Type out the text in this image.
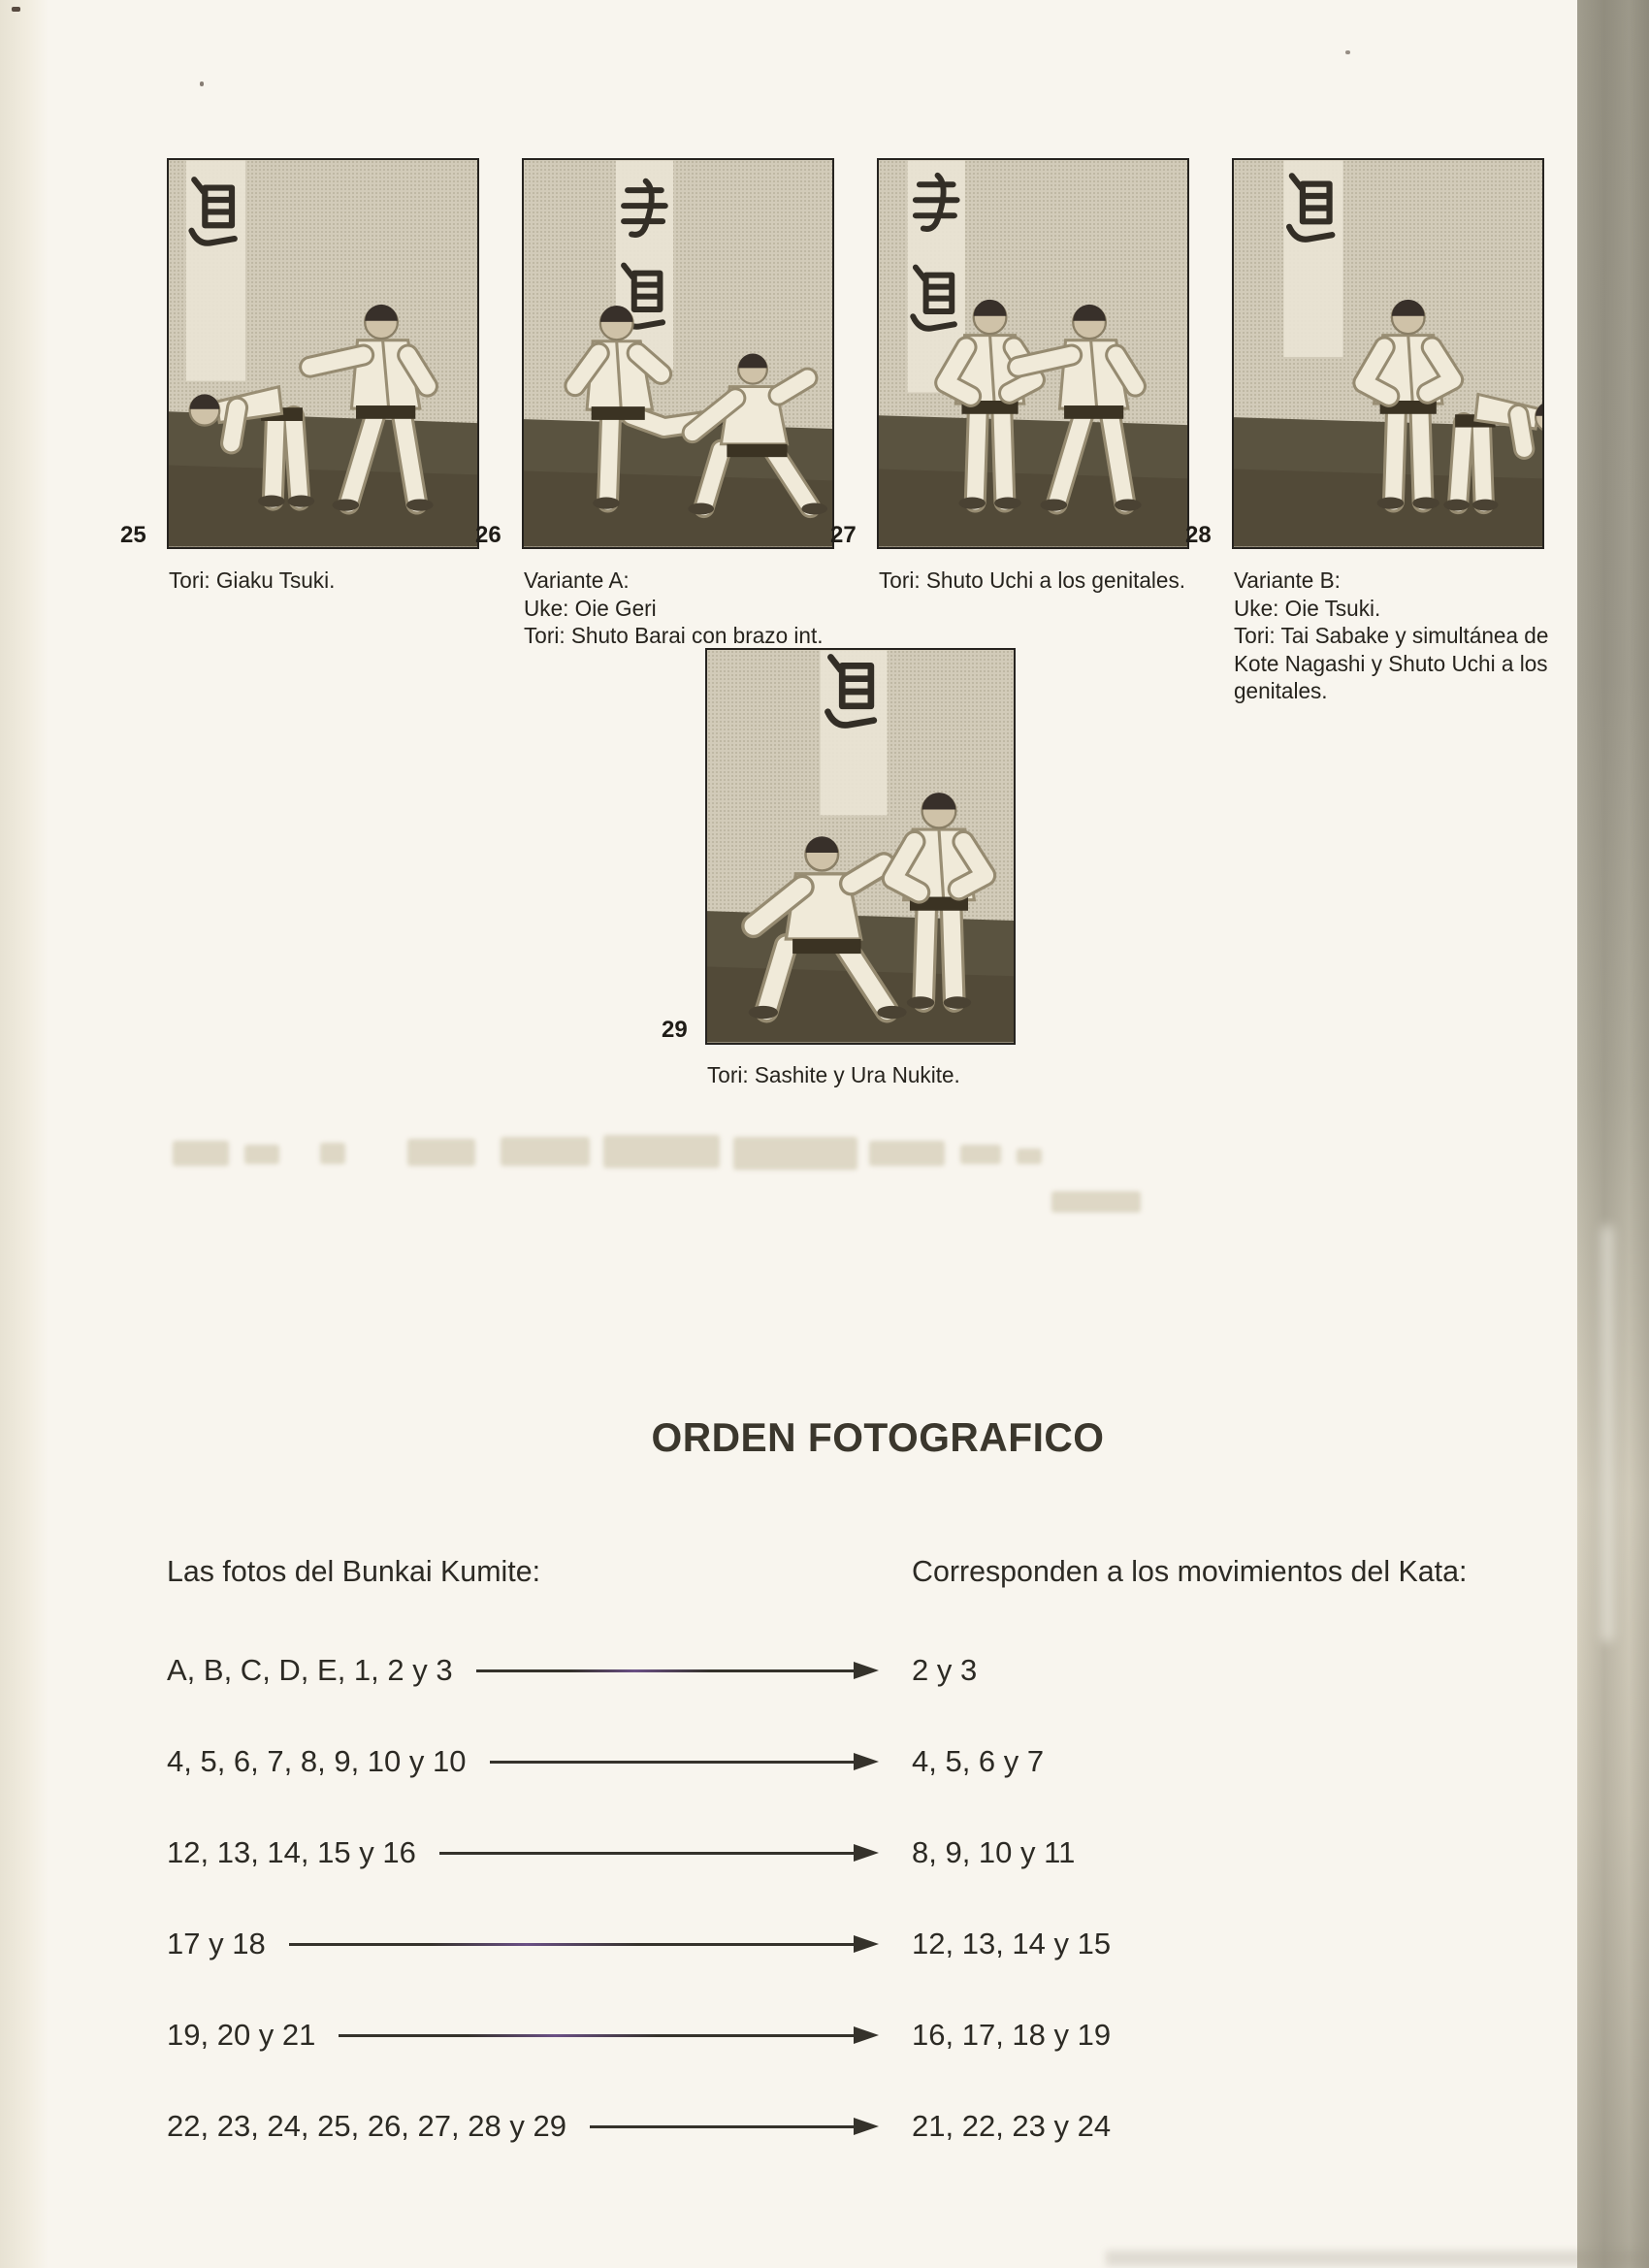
25	26	27	28
29
Tori: Giaku Tsuki.	Variante A:
Uke: Oie Geri
Tori: Shuto Barai con brazo int.
Tori: Shuto Uchi a los genitales. Variante B:
Uke: Oie Tsuki.
Tori: Tai Sabake y simultánea de
Kote Nagashi y Shuto Uchi a los
genitales.
Tori: Sashite y Ura Nukite.
ORDEN FOTOGRAFICO
Las fotos del Bunkai Kumite:	Corresponden a los movimientos del Kata:
A, B, C, D, E, 1, 2 y 3	2 y 3
4, 5, 6, 7, 8, 9, 10 y 10	4, 5, 6 y 7
12, 13, 14, 15 y 16	8, 9, 10 y 11
17 y 18	12, 13, 14 y 15
19, 20 y 21	16, 17, 18 y 19
22, 23, 24, 25, 26, 27, 28 y 29	21, 22, 23 y 24
